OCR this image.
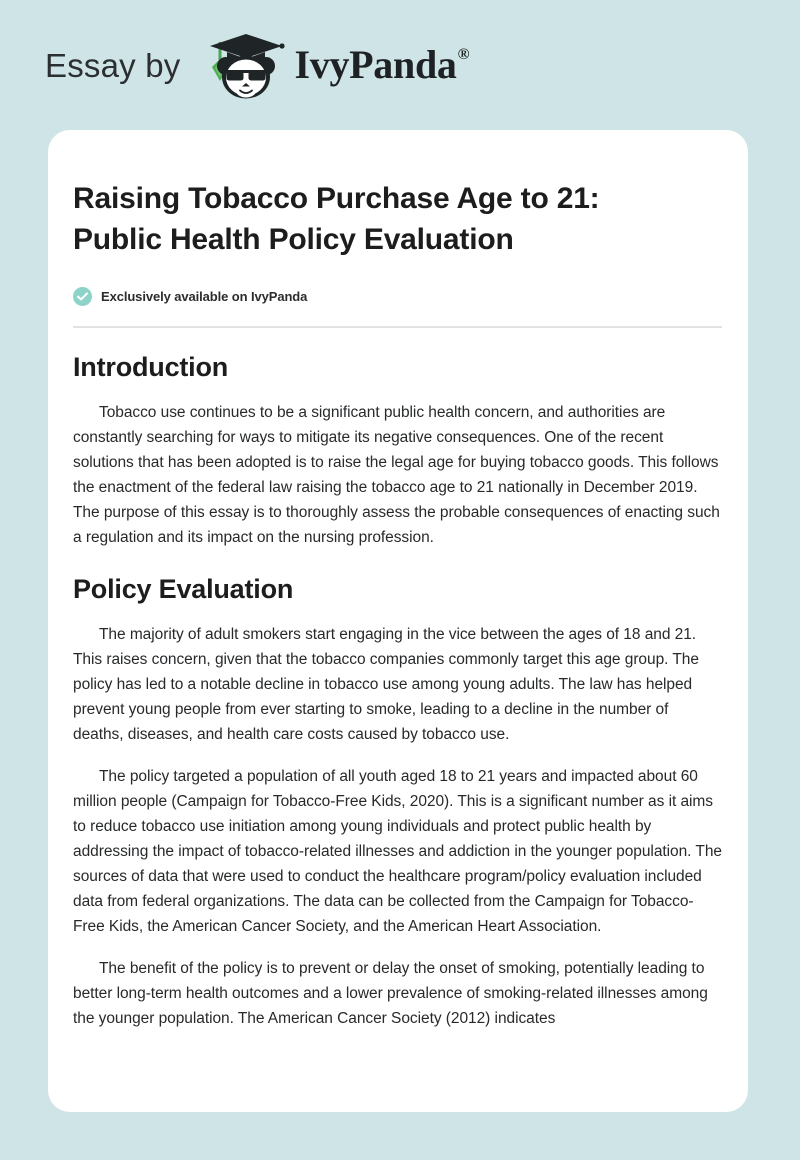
Essay by	IvyPanda ®
Raising Tobacco Purchase Age to 21: Public Health Policy Evaluation
Exclusively available on IvyPanda
Introduction

Tobacco use continues to be a significant public health concern, and authorities are constantly searching for ways to mitigate its negative consequences. One of the recent solutions that has been adopted is to raise the legal age for buying tobacco goods. This follows the enactment of the federal law raising the tobacco age to 21 nationally in December 2019. The purpose of this essay is to thoroughly assess the probable consequences of enacting such a regulation and its impact on the nursing profession.

Policy Evaluation

The majority of adult smokers start engaging in the vice between the ages of 18 and 21. This raises concern, given that the tobacco companies commonly target this age group. The policy has led to a notable decline in tobacco use among young adults. The law has helped prevent young people from ever starting to smoke, leading to a decline in the number of deaths, diseases, and health care costs caused by tobacco use.

The policy targeted a population of all youth aged 18 to 21 years and impacted about 60 million people (Campaign for Tobacco-Free Kids, 2020). This is a significant number as it aims to reduce tobacco use initiation among young individuals and protect public health by addressing the impact of tobacco-related illnesses and addiction in the younger population. The sources of data that were used to conduct the healthcare program/policy evaluation included data from federal organizations. The data can be collected from the Campaign for Tobacco-Free Kids, the American Cancer Society, and the American Heart Association.

The benefit of the policy is to prevent or delay the onset of smoking, potentially leading to better long-term health outcomes and a lower prevalence of smoking-related illnesses among the younger population. The American Cancer Society (2012) indicates
